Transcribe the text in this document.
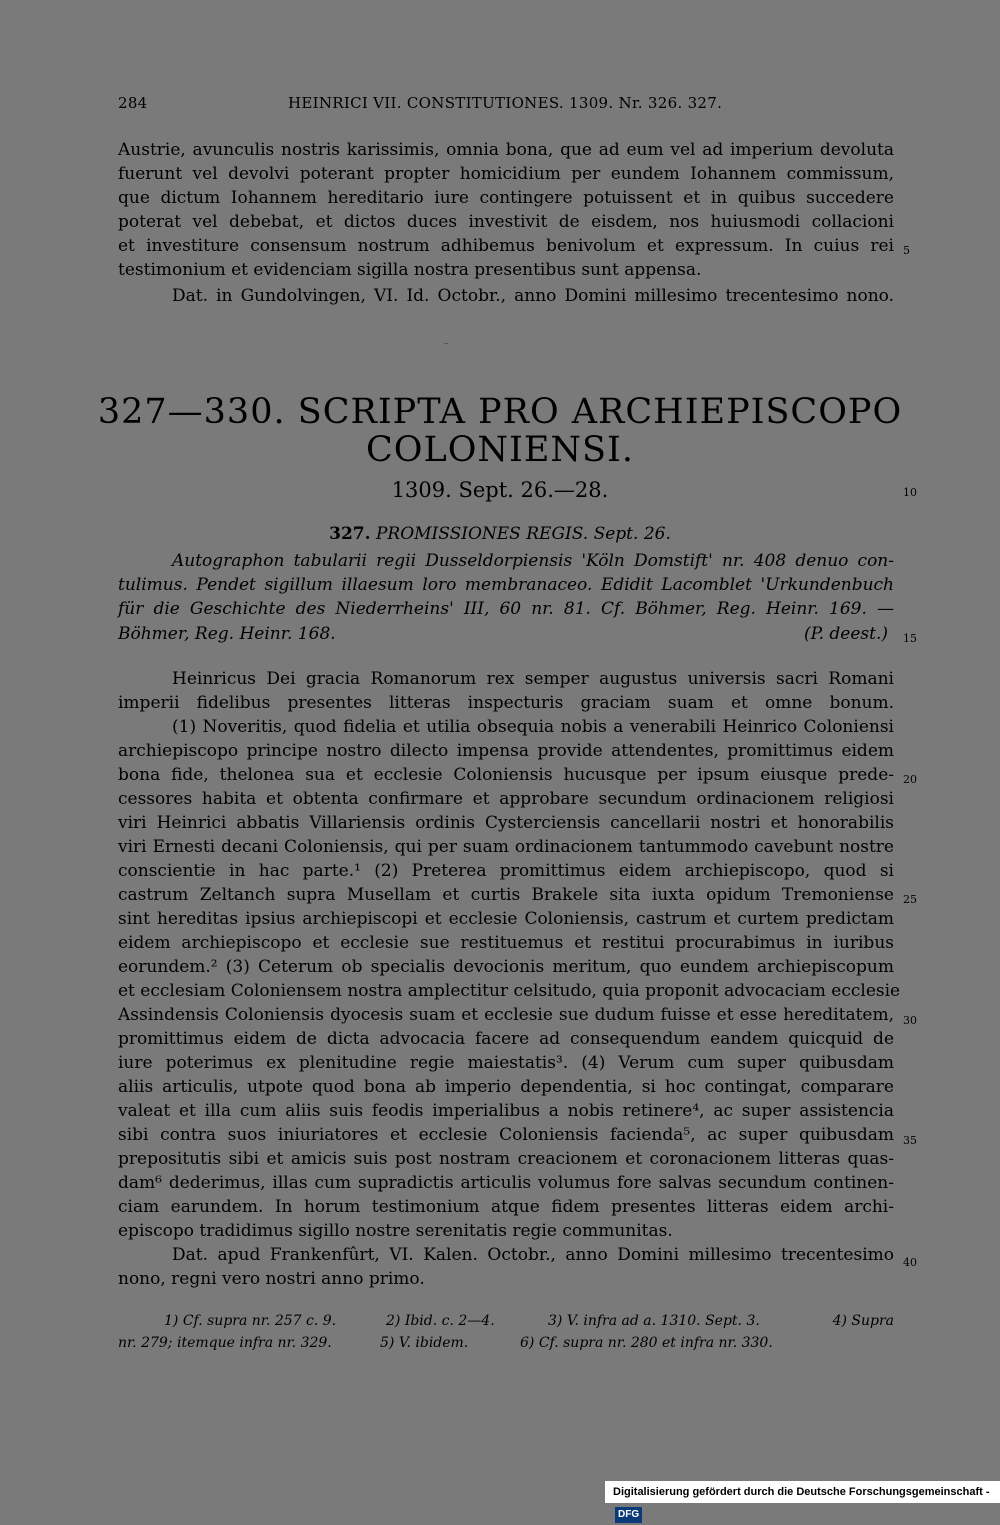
284	HEINRICI VII. CONSTITUTIONES. 1309. Nr. 326. 327.
Austrie, avunculis nostris karissimis, omnia bona, que ad eum vel ad imperium devoluta
fuerunt vel devolvi poterant propter homicidium per eundem Iohannem commissum,
que dictum Iohannem hereditario iure contingere potuissent et in quibus succedere
poterat vel debebat, et dictos duces investivit de eisdem, nos huiusmodi collacioni
et investiture consensum nostrum adhibemus benivolum et expressum. In cuius rei
testimonium et evidenciam sigilla nostra presentibus sunt appensa.
Dat. in Gundolvingen, VI. Id. Octobr., anno Domini millesimo trecentesimo nono.
..
327—330. SCRIPTA PRO ARCHIEPISCOPO
COLONIENSI.
1309. Sept. 26.—28.
327. PROMISSIONES REGIS. Sept. 26.
Autographon tabularii regii Dusseldorpiensis 'Köln Domstift' nr. 408 denuo con-
tulimus. Pendet sigillum illaesum loro membranaceo. Edidit Lacomblet 'Urkundenbuch
für die Geschichte des Niederrheins' III, 60 nr. 81. Cf. Böhmer, Reg. Heinr. 169. —
Böhmer, Reg. Heinr. 168.	(P. deest.)
Heinricus Dei gracia Romanorum rex semper augustus universis sacri Romani
imperii fidelibus presentes litteras inspecturis graciam suam et omne bonum.
(1) Noveritis, quod fidelia et utilia obsequia nobis a venerabili Heinrico Coloniensi
archiepiscopo principe nostro dilecto impensa provide attendentes, promittimus eidem
bona fide, thelonea sua et ecclesie Coloniensis hucusque per ipsum eiusque prede-
cessores habita et obtenta confirmare et approbare secundum ordinacionem religiosi
viri Heinrici abbatis Villariensis ordinis Cysterciensis cancellarii nostri et honorabilis
viri Ernesti decani Coloniensis, qui per suam ordinacionem tantummodo cavebunt nostre
conscientie in hac parte.¹ (2) Preterea promittimus eidem archiepiscopo, quod si
castrum Zeltanch supra Musellam et curtis Brakele sita iuxta opidum Tremoniense
sint hereditas ipsius archiepiscopi et ecclesie Coloniensis, castrum et curtem predictam
eidem archiepiscopo et ecclesie sue restituemus et restitui procurabimus in iuribus
eorundem.² (3) Ceterum ob specialis devocionis meritum, quo eundem archiepiscopum
et ecclesiam Coloniensem nostra amplectitur celsitudo, quia proponit advocaciam ecclesie
Assindensis Coloniensis dyocesis suam et ecclesie sue dudum fuisse et esse hereditatem,
promittimus eidem de dicta advocacia facere ad consequendum eandem quicquid de
iure poterimus ex plenitudine regie maiestatis³. (4) Verum cum super quibusdam
aliis articulis, utpote quod bona ab imperio dependentia, si hoc contingat, comparare
valeat et illa cum aliis suis feodis imperialibus a nobis retinere⁴, ac super assistencia
sibi contra suos iniuriatores et ecclesie Coloniensis facienda⁵, ac super quibusdam
prepositutis sibi et amicis suis post nostram creacionem et coronacionem litteras quas-
dam⁶ dederimus, illas cum supradictis articulis volumus fore salvas secundum continen-
ciam earundem. In horum testimonium atque fidem presentes litteras eidem archi-
episcopo tradidimus sigillo nostre serenitatis regie communitas.
Dat. apud Frankenfûrt, VI. Kalen. Octobr., anno Domini millesimo trecentesimo
nono, regni vero nostri anno primo.
1) Cf. supra nr. 257 c. 9.	2) Ibid. c. 2—4.	3) V. infra ad a. 1310. Sept. 3.	4) Supra
nr. 279; itemque infra nr. 329.	5) V. ibidem.	6) Cf. supra nr. 280 et infra nr. 330.
5
10
15
20
25
30
35
40
Digitalisierung gefördert durch die Deutsche Forschungsgemeinschaft - DFG
